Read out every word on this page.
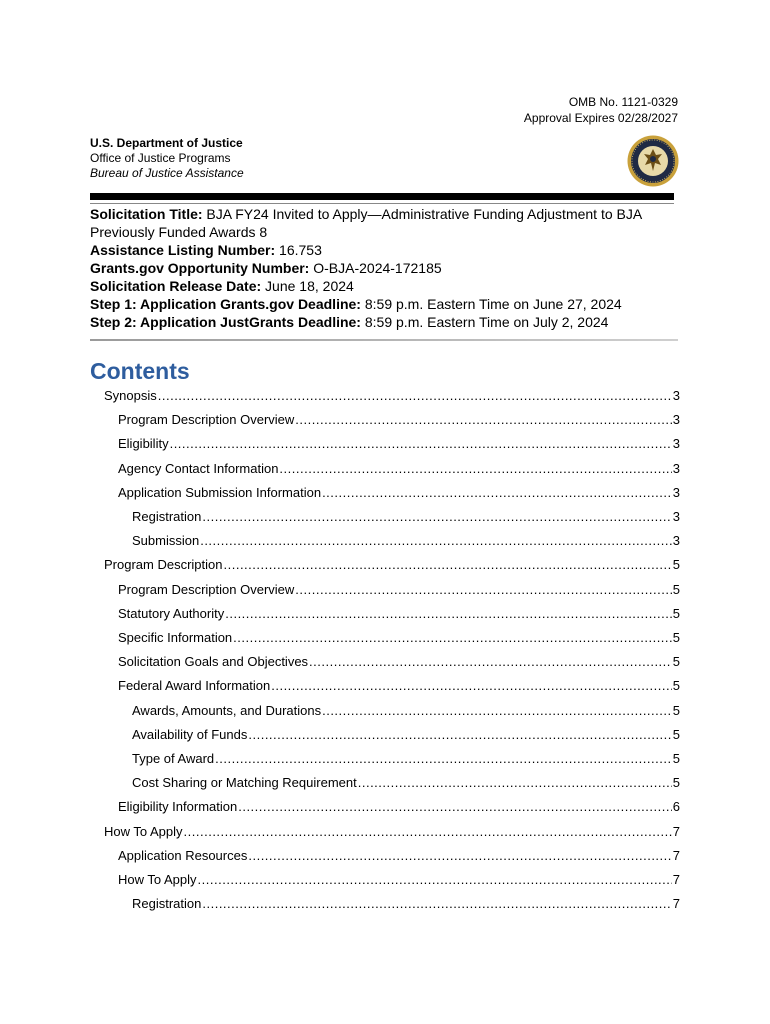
OMB No. 1121-0329
Approval Expires 02/28/2027
U.S. Department of Justice
Office of Justice Programs
Bureau of Justice Assistance
Solicitation Title: BJA FY24 Invited to Apply—Administrative Funding Adjustment to BJA
Previously Funded Awards 8
Assistance Listing Number: 16.753
Grants.gov Opportunity Number: O-BJA-2024-172185
Solicitation Release Date: June 18, 2024
Step 1: Application Grants.gov Deadline: 8:59 p.m. Eastern Time on June 27, 2024
Step 2: Application JustGrants Deadline: 8:59 p.m. Eastern Time on July 2, 2024
Contents
Synopsis .....	3
Program Description Overview .....	3
Eligibility .....	3
Agency Contact Information .....	3
Application Submission Information .....	3
Registration .....	3
Submission .....	3
Program Description .....	5
Program Description Overview .....	5
Statutory Authority .....	5
Specific Information .....	5
Solicitation Goals and Objectives .....	5
Federal Award Information .....	5
Awards, Amounts, and Durations .....	5
Availability of Funds .....	5
Type of Award .....	5
Cost Sharing or Matching Requirement .....	5
Eligibility Information .....	6
How To Apply .....	7
Application Resources .....	7
How To Apply .....	7
Registration .....	7
